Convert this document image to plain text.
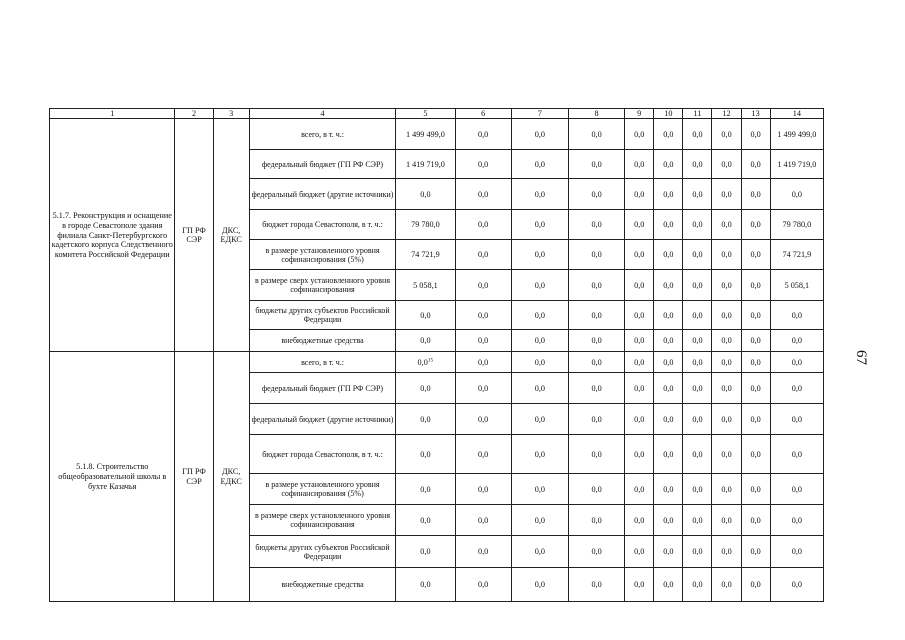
1	2	3	4	5	6	7	8	9	10	11	12	13	14
5.1.7. Реконструкция и оснащение в городе Севастополе здания филиала Санкт-Петербургского кадетского корпуса Следственного комитета Российской Федерации	ГП РФ СЭР	ДКС, ЕДКС	всего, в т. ч.:	1 499 499,0	0,0	0,0	0,0	0,0	0,0	0,0	0,0	0,0	1 499 499,0
			федеральный бюджет (ГП РФ СЭР)	1 419 719,0	0,0	0,0	0,0	0,0	0,0	0,0	0,0	0,0	1 419 719,0
			федеральный бюджет (другие источники)	0,0	0,0	0,0	0,0	0,0	0,0	0,0	0,0	0,0	0,0
			бюджет города Севастополя, в т. ч.:	79 780,0	0,0	0,0	0,0	0,0	0,0	0,0	0,0	0,0	79 780,0
			в размере установленного уровня софинансирования (5%)	74 721,9	0,0	0,0	0,0	0,0	0,0	0,0	0,0	0,0	74 721,9
			в размере сверх установленного уровня софинансирования	5 058,1	0,0	0,0	0,0	0,0	0,0	0,0	0,0	0,0	5 058,1
			бюджеты других субъектов Российской Федерации	0,0	0,0	0,0	0,0	0,0	0,0	0,0	0,0	0,0	0,0
			внебюджетные средства	0,0	0,0	0,0	0,0	0,0	0,0	0,0	0,0	0,0	0,0
5.1.8. Строительство общеобразовательной школы в бухте Казачья	ГП РФ СЭР	ДКС, ЕДКС	всего, в т. ч.:	$0,0^{15}$	0,0	0,0	0,0	0,0	0,0	0,0	0,0	0,0	0,0
			федеральный бюджет (ГП РФ СЭР)	0,0	0,0	0,0	0,0	0,0	0,0	0,0	0,0	0,0	0,0
			федеральный бюджет (другие источники)	0,0	0,0	0,0	0,0	0,0	0,0	0,0	0,0	0,0	0,0
			бюджет города Севастополя, в т. ч.:	0,0	0,0	0,0	0,0	0,0	0,0	0,0	0,0	0,0	0,0
			в размере установленного уровня софинансирования (5%)	0,0	0,0	0,0	0,0	0,0	0,0	0,0	0,0	0,0	0,0
			в размере сверх установленного уровня софинансирования	0,0	0,0	0,0	0,0	0,0	0,0	0,0	0,0	0,0	0,0
			бюджеты других субъектов Российской Федерации	0,0	0,0	0,0	0,0	0,0	0,0	0,0	0,0	0,0	0,0
			внебюджетные средства	0,0	0,0	0,0	0,0	0,0	0,0	0,0	0,0	0,0	0,0
67
